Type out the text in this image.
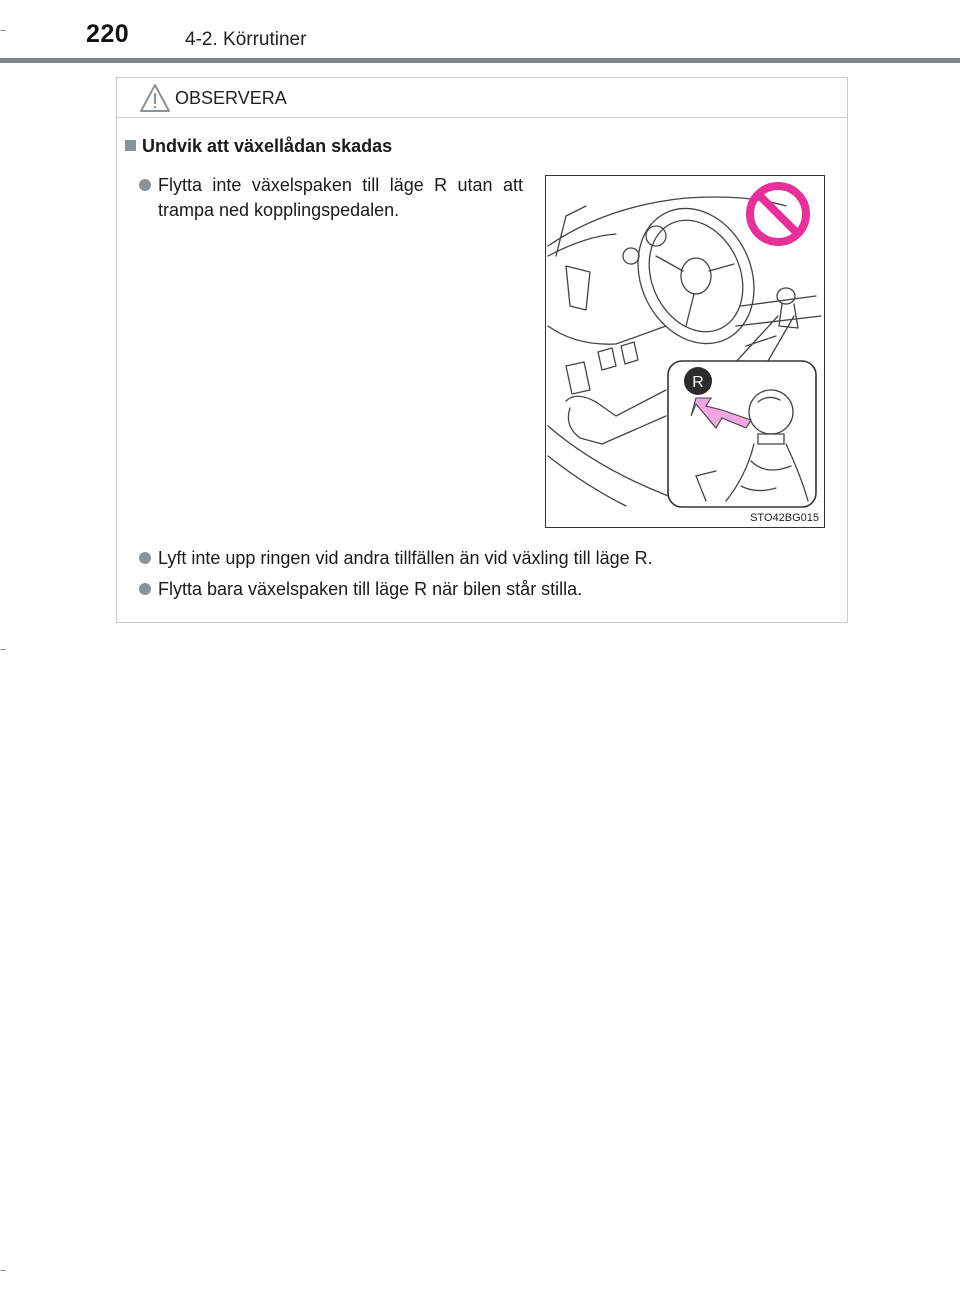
220	4-2. Körrutiner
OBSERVERA
Undvik att växellådan skadas
Flytta inte växelspaken till läge R utan att trampa ned kopplingspedalen.
R
STO42BG015
Lyft inte upp ringen vid andra tillfällen än vid växling till läge R.
Flytta bara växelspaken till läge R när bilen står stilla.
